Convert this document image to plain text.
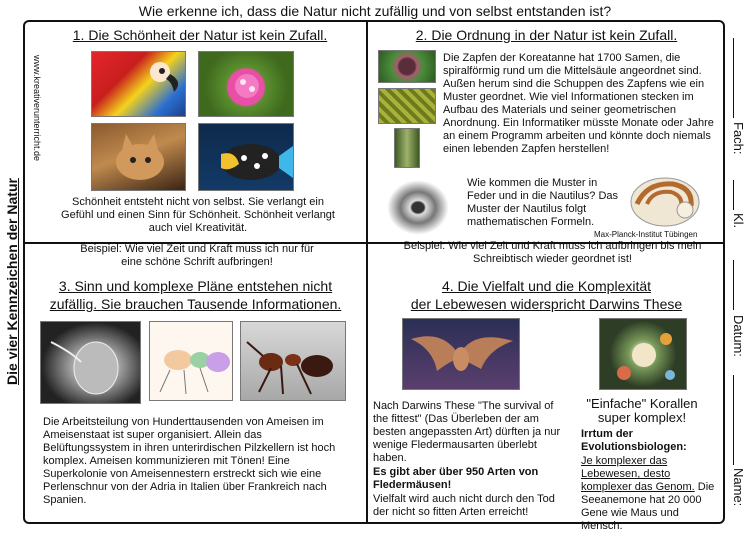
Wie erkenne ich, dass die Natur nicht zufällig und von selbst entstanden ist?
Die vier Kennzeichen der Natur
Fach:
Kl.
Datum:
Name:
1. Die Schönheit der Natur ist kein Zufall.
www.kreativerunterricht.de
Schönheit entsteht nicht von selbst. Sie verlangt ein Gefühl und einen Sinn für Schönheit. Schönheit verlangt auch viel Kreativität.
Beispiel: Wie viel Zeit und Kraft muss ich nur für eine schöne Schrift aufbringen!
2. Die Ordnung in der Natur ist kein Zufall.
Die Zapfen der Koreatanne hat 1700 Samen, die spiralförmig rund um die Mittelsäule angeordnet sind. Außen herum sind die Schuppen des Zapfens wie ein Muster geordnet. Wie viel Informationen stecken im Aufbau des Materials und seiner geometrischen Anordnung. Ein Informatiker müsste Monate oder Jahre an einem Programm arbeiten und könnte doch niemals einen lebenden Zapfen herstellen!
Wie kommen die Muster in Feder und in die Nautilus? Das Muster der Nautilus folgt mathematischen Formeln.
Max-Planck-Institut Tübingen
Beispiel: Wie viel Zeit und Kraft muss ich aufbringen bis mein Schreibtisch wieder geordnet ist!
3. Sinn und komplexe Pläne entstehen nicht
zufällig. Sie brauchen Tausende Informationen.
Die Arbeitsteilung von Hunderttausenden von Ameisen im Ameisenstaat ist super organisiert. Allein das Belüftungssystem in ihren unterirdischen Pilzkellern ist hoch komplex. Ameisen kommunizieren mit Tönen! Eine Superkolonie von Ameisennestern erstreckt sich wie eine Perlenschnur von der Adria in Italien über Frankreich nach Spanien.
4. Die Vielfalt und die Komplexität
der Lebewesen widerspricht Darwins These
Nach Darwins These "The survival of the fittest" (Das Überleben der am besten angepassten Art) dürften ja nur wenige Fledermausarten überlebt haben.
Es gibt aber über 950 Arten von Fledermäusen!
Vielfalt wird auch nicht durch den Tod der nicht so fitten Arten erreicht!
"Einfache" Korallen super komplex!
Irrtum der Evolutionsbiologen:
Je komplexer das Lebewesen, desto komplexer das Genom. Die Seeanemone hat 20 000 Gene wie Maus und Mensch.
